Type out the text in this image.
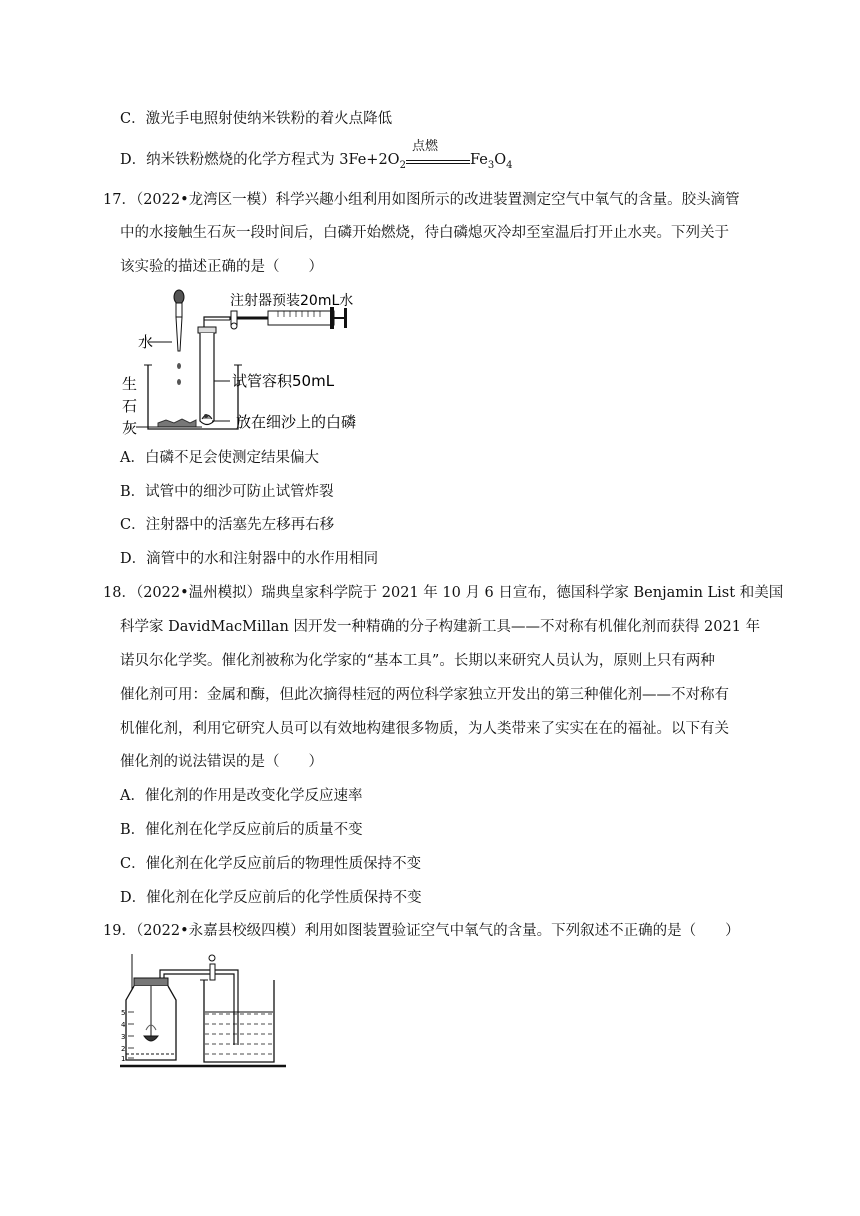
C．激光手电照射使纳米铁粉的着火点降低
D．纳米铁粉燃烧的化学方程式为 $3Fe+2O_2$
点燃
$Fe_3O_4$
17．（2022•龙湾区一模）科学兴趣小组利用如图所示的改进装置测定空气中氧气的含量。胶头滴管
中的水接触生石灰一段时间后，白磷开始燃烧，待白磷熄灭冷却至室温后打开止水夹。下列关于
该实验的描述正确的是（　　）
水
注射器预装20mL水
生
石
灰
试管容积50mL
放在细沙上的白磷
A．白磷不足会使测定结果偏大
B．试管中的细沙可防止试管炸裂
C．注射器中的活塞先左移再右移
D．滴管中的水和注射器中的水作用相同
18．（2022•温州模拟）瑞典皇家科学院于 2021 年 10 月 6 日宣布，德国科学家 Benjamin List 和美国
科学家 DavidMacMillan 因开发一种精确的分子构建新工具——不对称有机催化剂而获得 2021 年
诺贝尔化学奖。催化剂被称为化学家的“基本工具”。长期以来研究人员认为，原则上只有两种
催化剂可用：金属和酶，但此次摘得桂冠的两位科学家独立开发出的第三种催化剂——不对称有
机催化剂，利用它研究人员可以有效地构建很多物质，为人类带来了实实在在的福祉。以下有关
催化剂的说法错误的是（　　）
A．催化剂的作用是改变化学反应速率
B．催化剂在化学反应前后的质量不变
C．催化剂在化学反应前后的物理性质保持不变
D．催化剂在化学反应前后的化学性质保持不变
19．（2022•永嘉县校级四模）利用如图装置验证空气中氧气的含量。下列叙述不正确的是（　　）
5
4
3
2
1
